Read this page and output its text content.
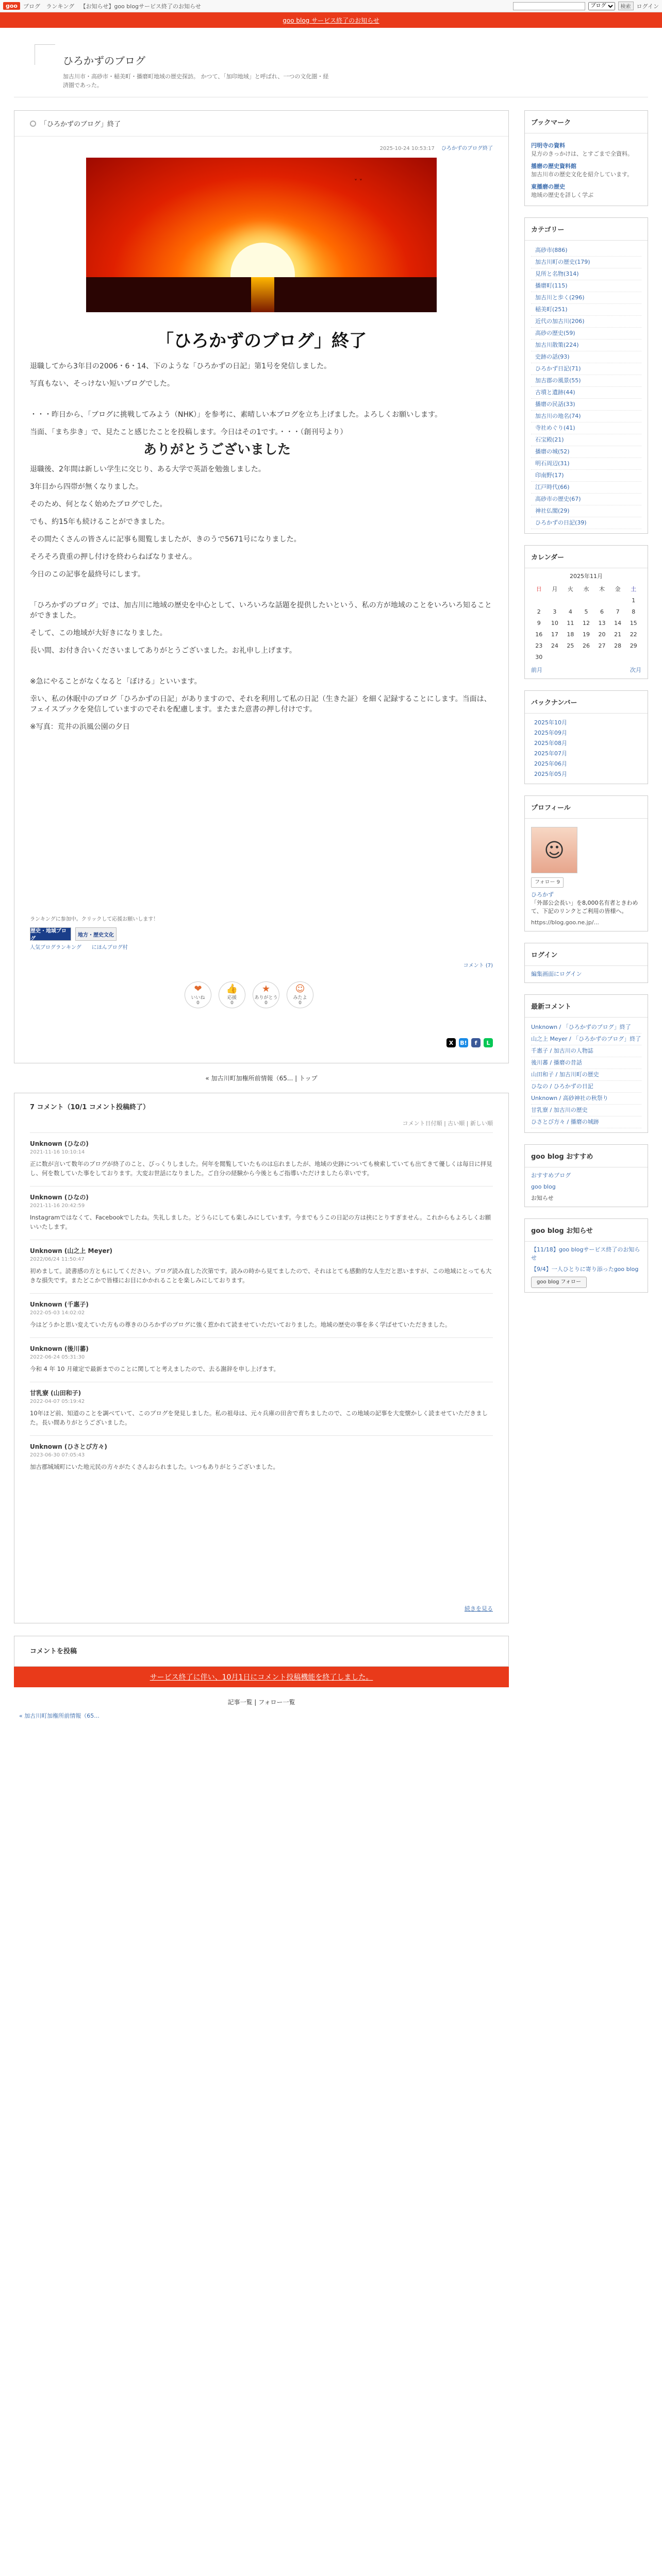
goo	ブログ ランキング 【お知らせ】goo blogサービス終了のお知らせ
ブログ	検索	ログイン
goo blog サービス終了のお知らせ
ひろかずのブログ

加古川市・高砂市・稲美町・播磨町地域の歴史探訪。 かつて、「加印地域」と呼ばれ、一つの文化圏・経済圏であった。

「ひろかずのブログ」終了
2025-10-24 10:53:17 ひろかずのブログ終了
˅ ˅
「ひろかずのブログ」終了

退職してから3年目の2006・6・14、下のような「ひろかずの日記」第1号を発信しました。

写真もない、そっけない短いブログでした。

・・・昨日から、「ブログに挑戦してみよう（NHK）」を参考に、素晴しい本ブログを立ち上げました。よろしくお願いします。

当面、「まち歩き」で、見たこと感じたことを投稿します。今日はその1です。・・・（創刊号より）

ありがとうございました

退職後、2年間は新しい学生に交じり、ある大学で英語を勉強しました。

3年目から四帯が無くなりました。

そのため、何となく始めたブログでした。

でも、約15年も続けることができました。

その間たくさんの皆さんに記事も閲覧しましたが、きのうで5671号になりました。

そろそろ貴重の押し付けを終わらねばなりません。

今日のこの記事を最終号にします。

「ひろかずのブログ」では、加古川に地域の歴史を中心として、いろいろな話題を提供したいという、私の方が地域のことをいろいろ知ることができました。

そして、この地域が大好きになりました。

長い間、お付き合いくださいましてありがとうございました。お礼申し上げます。

※急にやることがなくなると「ぼける」といいます。

幸い、私の休眠中のブログ「ひろかずの日記」がありますので、それを利用して私の日記（生きた証）を細く記録することにします。当面は、フェイスブックを発信していますのでそれを配慮します。またまた意書の押し付けです。

※写真：荒井の浜風公園の夕日

ランキングに参加中。クリックして応援お願いします！
歴史・地域ブログ
地方・歴史文化
人気ブログランキング にほんブログ村
コメント (7)
❤
いいね
0
👍
応援
0
★
ありがとう
0
☺
みたよ
0
X	B!	f	L
« 加古川町加権所前情報（65... | トップ
7 コメント（10/1 コメント投稿終了）
コメント日付順 | 古い順 | 新しい順
Unknown (ひなの)
2021-11-16 10:10:14
正に数が言いて数年のブログが終了のこと、びっくりしました。何年を閲覧していたものは忘れましたが、地域の史跡についても検索していても出てきて優しくは毎日に拝見し、何を数していた事をしております。大変お世話になりました。ご自分の経験から今後ともご指導いただけましたら幸いです。
Unknown (ひなの)
2021-11-16 20:42:59
Instagramではなくて、Facebookでしたね。失礼しました。どうらにしても楽しみにしています。今までもうこの日記の方は挟にとりすぎません。これからもよろしくお願いいたします。
Unknown (山之上 Meyer)
2022/06/24 11:50:47
初めまして。読書感の方ともにしてください。ブログ読み直した次第です。読みの時から見てましたので、それはとても感動的な人生だと思いますが、この地域にとっても大きな損失です。またどこかで皆様にお目にかかれることを楽しみにしております。
Unknown (千惠子)
2022-05-03 14:02:02
今はどうかと思い変えていた方もの尊きのひろかずのブログに強く惹かれて読ませていただいておりました。地域の歴史の事を多く学ばせていただきました。
Unknown (後川蕃)
2022-06-24 05:31:30
今和 4 年 10 月確定で最新までのことに関してと考えましたので、去る謝辞を申し上げます。
甘乳寮 (山田和子)
2022-04-07 05:19:42
10年ほど前、知道のことを調べていて、このブログを発見しました。私の祖母は、元々兵庫の田舎で育ちましたので、この地域の記事を大変懐かしく読ませていただきました。長い間ありがとうございました。
Unknown (ひさとび方々)
2023-06-30 07:05:43
加古郡城域町にいた地元民の方々がたくさんおられました。いつもありがとうございました。
続きを見る
コメントを投稿
サービス終了に伴い、10月1日にコメント投稿機能を終了しました。
記事一覧 | フォロー一覧
« 加古川町加権所前情報（65...
ブックマーク
円明寺の資料
見方のきっかけは、とすごまで全資料。
播磨の歴史資料館
加古川市の歴史文化を紹介しています。
東播磨の歴史
地域の歴史を詳しく学ぶ
カテゴリー
高砂市(886)
加古川町の歴史(179)
見所と名物(314)
播磨町(115)
加古川と歩く(296)
稲美町(251)
近代の加古川(206)
高砂の歴史(59)
加古川散策(224)
史跡の話(93)
ひろかず日記(71)
加古郡の風景(55)
古墳と遺跡(44)
播磨の民話(33)
加古川の地名(74)
寺社めぐり(41)
石宝殿(21)
播磨の城(52)
明石周辺(31)
印南野(17)
江戸時代(66)
高砂市の歴史(67)
神社仏閣(29)
ひろかずの日記(39)
カレンダー
2025年11月
日	月	火	水	木	金	土
						1
2	3	4	5	6	7	8
9	10	11	12	13	14	15
16	17	18	19	20	21	22
23	24	25	26	27	28	29
30						
前月	次月
バックナンバー
2025年10月
2025年09月
2025年08月
2025年07月
2025年06月
2025年05月
プロフィール
☺
フォロー 9
ひろかず
「外部公会長い」を8,000名有者ときわめて、下記のリンクとご利用の皆様へ。
https://blog.goo.ne.jp/...
ログイン
編集画面にログイン
最新コメント
Unknown / 「ひろかずのブログ」終了
山之上 Meyer / 「ひろかずのブログ」終了
千惠子 / 加古川の人物誌
後川蕃 / 播磨の昔話
山田和子 / 加古川町の歴史
ひなの / ひろかずの日記
Unknown / 高砂神社の秋祭り
甘乳寮 / 加古川の歴史
ひさとび方々 / 播磨の城跡
goo blog おすすめ
おすすめブログ
goo blog
お知らせ
goo blog お知らせ
【11/18】goo blogサービス終了のお知らせ
【9/4】一人ひとりに寄り添ったgoo blog
goo blog フォロー
